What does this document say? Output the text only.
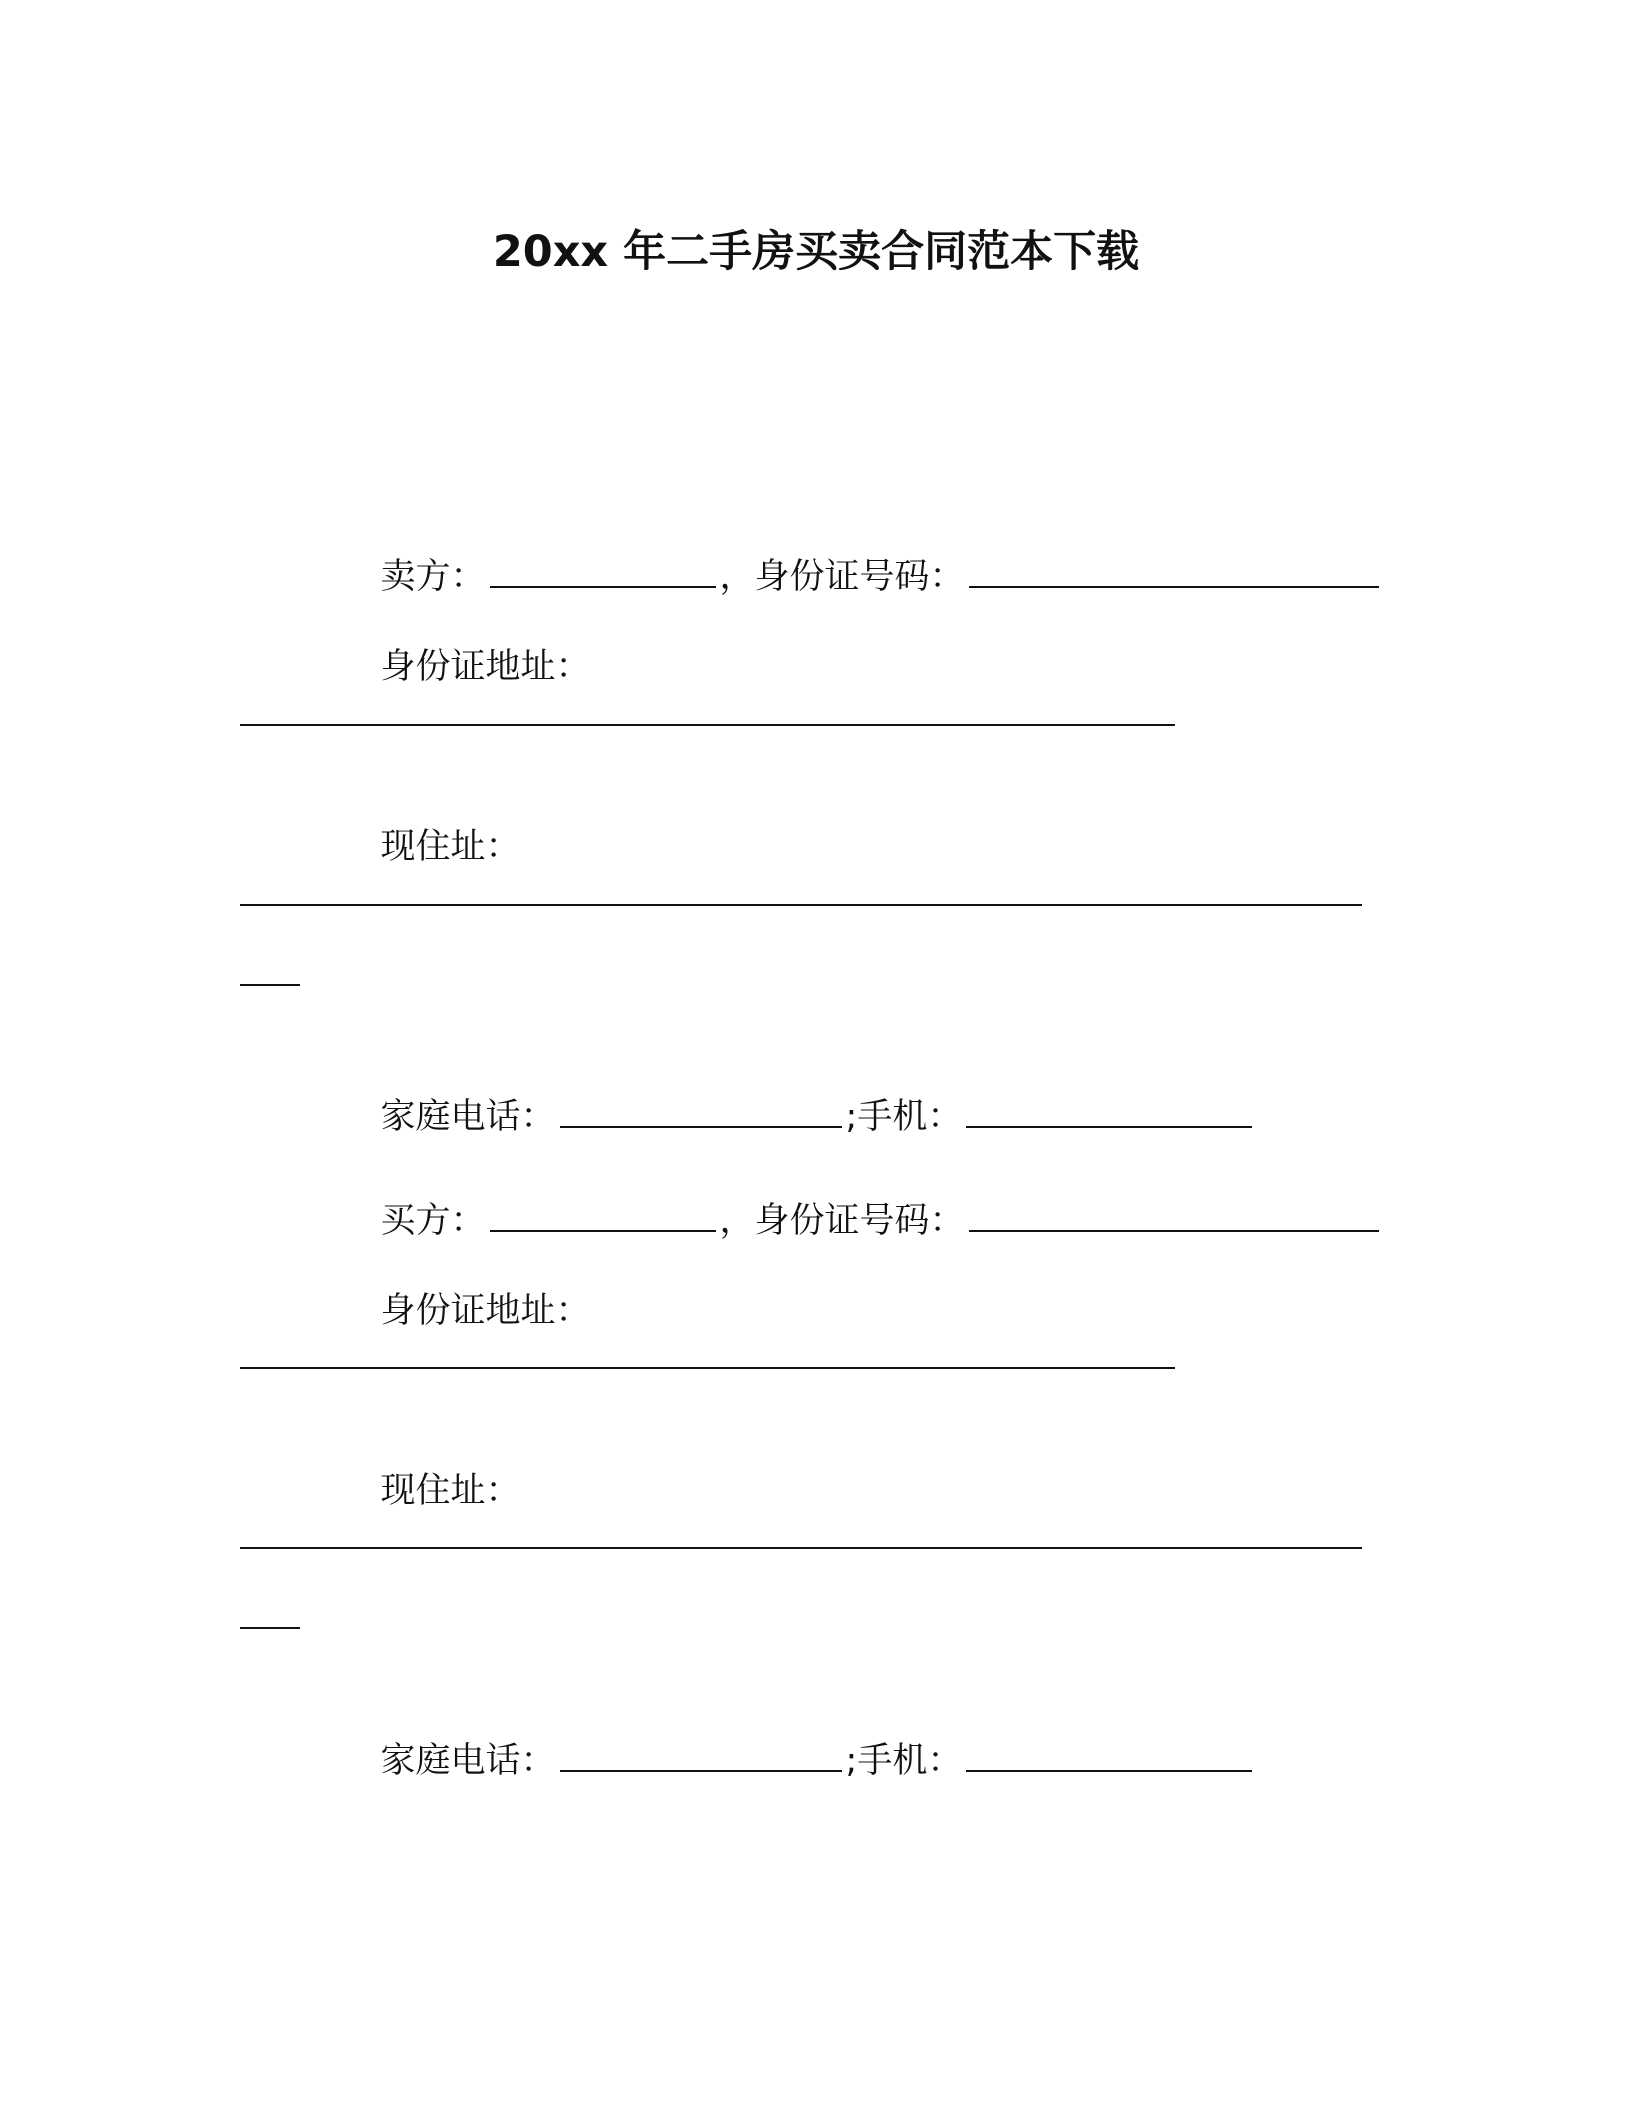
20xx 年二手房买卖合同范本下载

卖方：	，身份证号码：

身份证地址：

现住址：

家庭电话：	;手机：

买方：	，身份证号码：

身份证地址：

现住址：

家庭电话：	;手机：
